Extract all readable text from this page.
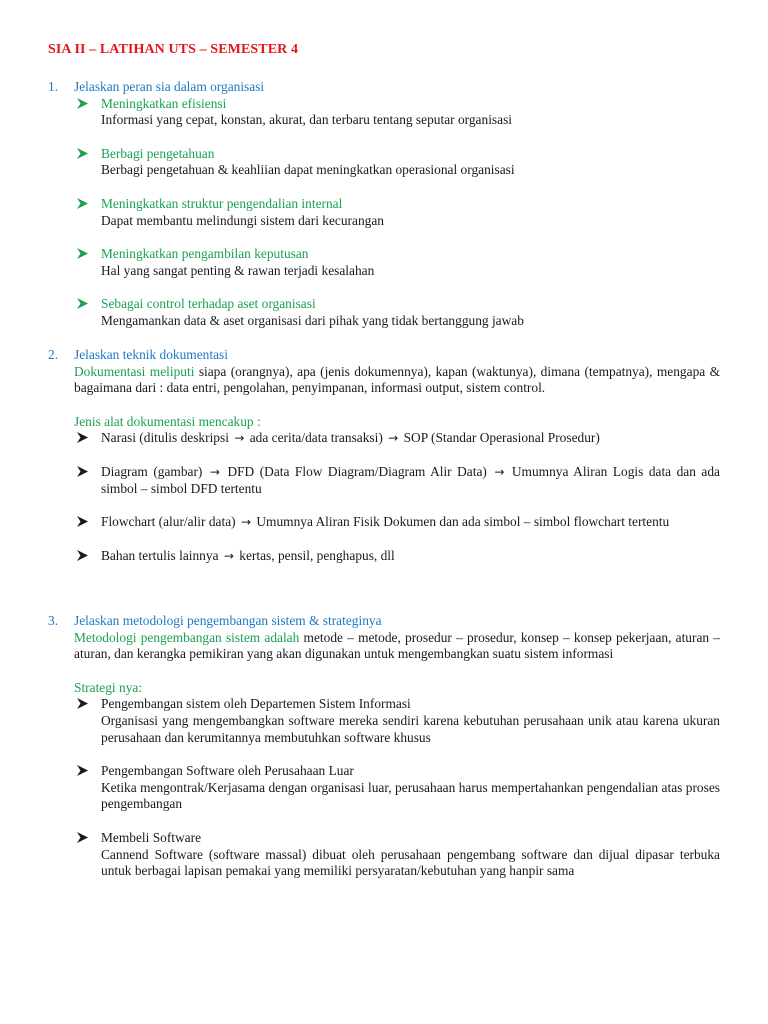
SIA II – LATIHAN UTS – SEMESTER 4
1. Jelaskan peran sia dalam organisasi
Meningkatkan efisiensi
Informasi yang cepat, konstan, akurat, dan terbaru tentang seputar organisasi
Berbagi pengetahuan
Berbagi pengetahuan & keahliian dapat meningkatkan operasional organisasi
Meningkatkan struktur pengendalian internal
Dapat membantu melindungi sistem dari kecurangan
Meningkatkan pengambilan keputusan
Hal yang sangat penting & rawan terjadi kesalahan
Sebagai control terhadap aset organisasi
Mengamankan data & aset organisasi dari pihak yang tidak bertanggung jawab
2. Jelaskan teknik dokumentasi
Dokumentasi meliputi siapa (orangnya), apa (jenis dokumennya), kapan (waktunya), dimana (tempatnya), mengapa & bagaimana dari : data entri, pengolahan, penyimpanan, informasi output, sistem control.
Jenis alat dokumentasi mencakup :
Narasi (ditulis deskripsi → ada cerita/data transaksi) → SOP (Standar Operasional Prosedur)
Diagram (gambar) → DFD (Data Flow Diagram/Diagram Alir Data) → Umumnya Aliran Logis data dan ada simbol – simbol DFD tertentu
Flowchart (alur/alir data) → Umumnya Aliran Fisik Dokumen dan ada simbol – simbol flowchart tertentu
Bahan tertulis lainnya → kertas, pensil, penghapus, dll
3. Jelaskan metodologi pengembangan sistem & strateginya
Metodologi pengembangan sistem adalah metode – metode, prosedur – prosedur, konsep – konsep pekerjaan, aturan – aturan, dan kerangka pemikiran yang akan digunakan untuk mengembangkan suatu sistem informasi
Strategi nya:
Pengembangan sistem oleh Departemen Sistem Informasi
Organisasi yang mengembangkan software mereka sendiri karena kebutuhan perusahaan unik atau karena ukuran perusahaan dan kerumitannya membutuhkan software khusus
Pengembangan Software oleh Perusahaan Luar
Ketika mengontrak/Kerjasama dengan organisasi luar, perusahaan harus mempertahankan pengendalian atas proses pengembangan
Membeli Software
Cannend Software (software massal) dibuat oleh perusahaan pengembang software dan dijual dipasar terbuka untuk berbagai lapisan pemakai yang memiliki persyaratan/kebutuhan yang hanpir sama
